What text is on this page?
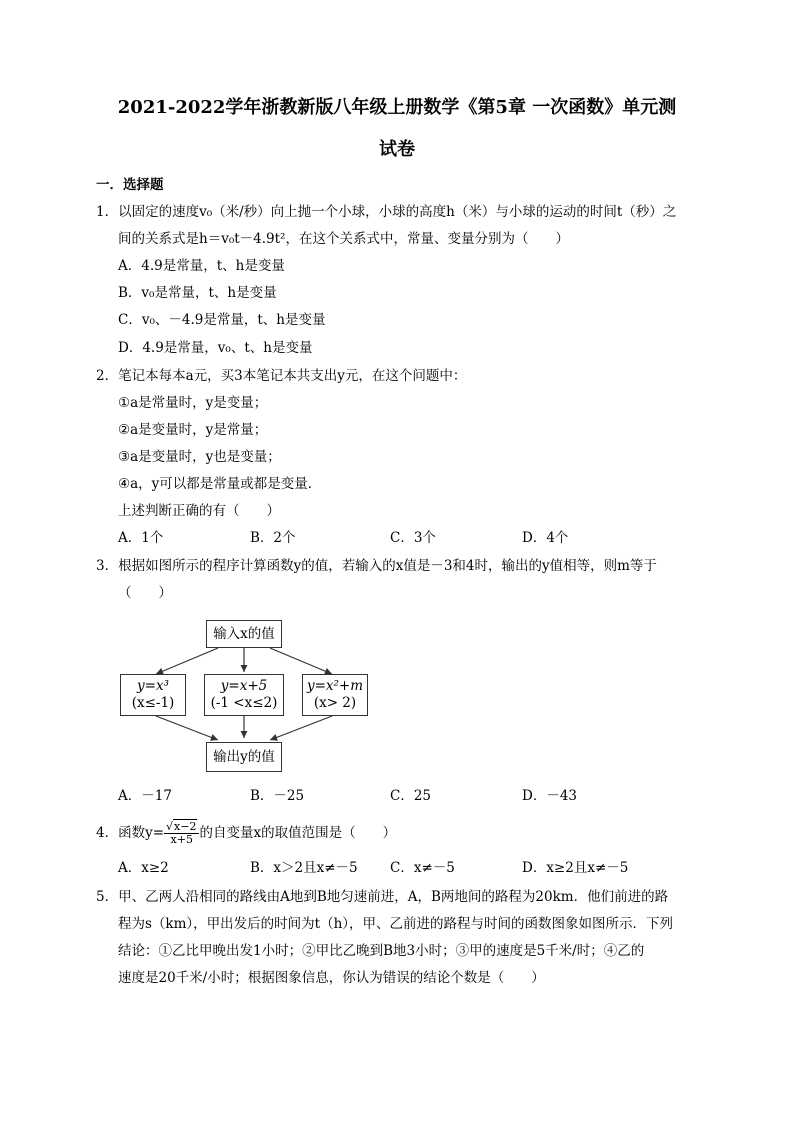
2021-2022学年浙教新版八年级上册数学《第5章 一次函数》单元测
试卷
一．选择题
1．以固定的速度v₀（米/秒）向上抛一个小球，小球的高度h（米）与小球的运动的时间t（秒）之
间的关系式是h＝v₀t－4.9t²，在这个关系式中，常量、变量分别为（　　）
A．4.9是常量，t、h是变量
B．v₀是常量，t、h是变量
C．v₀、－4.9是常量，t、h是变量
D．4.9是常量，v₀、t、h是变量
2．笔记本每本a元，买3本笔记本共支出y元，在这个问题中：
①a是常量时，y是变量；
②a是变量时，y是常量；
③a是变量时，y也是变量；
④a，y可以都是常量或都是变量．
上述判断正确的有（　　）
A．1个	B．2个	C．3个	D．4个
3．根据如图所示的程序计算函数y的值，若输入的x值是－3和4时，输出的y值相等，则m等于
（　　）
输入x的值
y=x³
(x≤-1)
y=x+5
(-1 <x≤2)
y=x²+m
(x> 2)
输出y的值
A．－17	B．－25	C．25	D．－43
4．函数$y= \frac{√x-2}{x+5}$ 的自变量x的取值范围是（　　）
A．x≥2	B．x＞2且x≠－5 C．x≠－5	D．x≥2且x≠－5
5．甲、乙两人沿相同的路线由A地到B地匀速前进，A，B两地间的路程为20km．他们前进的路
程为s（km），甲出发后的时间为t（h），甲、乙前进的路程与时间的函数图象如图所示．下列
结论：①乙比甲晚出发1小时；②甲比乙晚到B地3小时；③甲的速度是5千米/时；④乙的
速度是20千米/小时；根据图象信息，你认为错误的结论个数是（　　）
